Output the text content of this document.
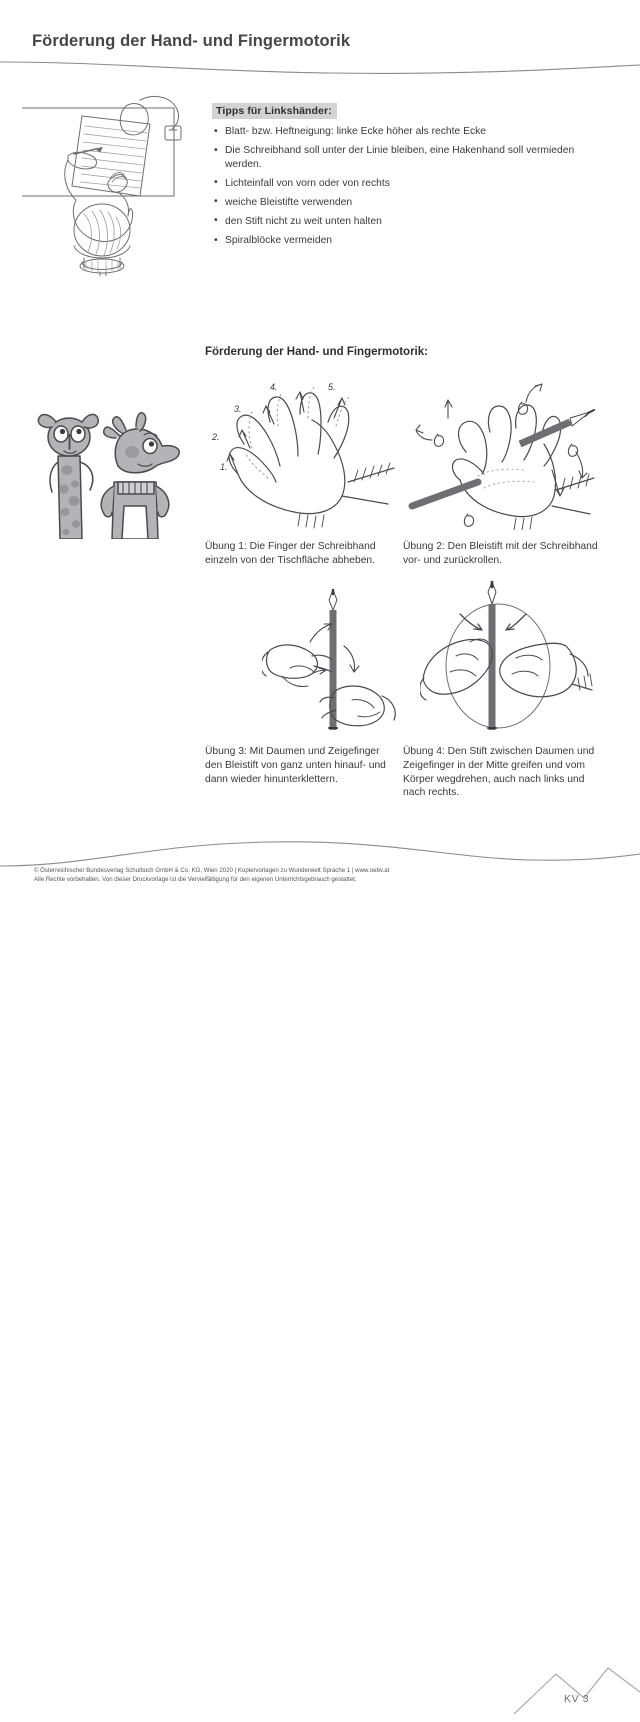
Förderung der Hand- und Fingermotorik
Tipps für Linkshänder:
• Blatt- bzw. Heftneigung: linke Ecke höher als rechte Ecke
• Die Schreibhand soll unter der Linie bleiben, eine Hakenhand soll vermieden werden.
• Lichteinfall von vorn oder von rechts
• weiche Bleistifte verwenden
• den Stift nicht zu weit unten halten
• Spiralblöcke vermeiden
Förderung der Hand- und Fingermotorik:
1.
2.
3.
4.	5.
Übung 1: Die Finger der Schreibhand einzeln von der Tischfläche abheben.
Übung 2: Den Bleistift mit der Schreibhand vor- und zurückrollen.
Übung 3: Mit Daumen und Zeigefinger den Bleistift von ganz unten hinauf- und dann wieder hinunterklettern.
Übung 4: Den Stift zwischen Daumen und Zeigefinger in der Mitte greifen und vom Körper wegdrehen, auch nach links und nach rechts.
© Österreichischer Bundesverlag Schulbuch GmbH & Co. KG, Wien 2020 | Kopiervorlagen zu Wunderwelt Sprache 1 | www.oebv.at
Alle Rechte vorbehalten. Von dieser Druckvorlage ist die Vervielfältigung für den eigenen Unterrichtsgebrauch gestattet.
KV 3
